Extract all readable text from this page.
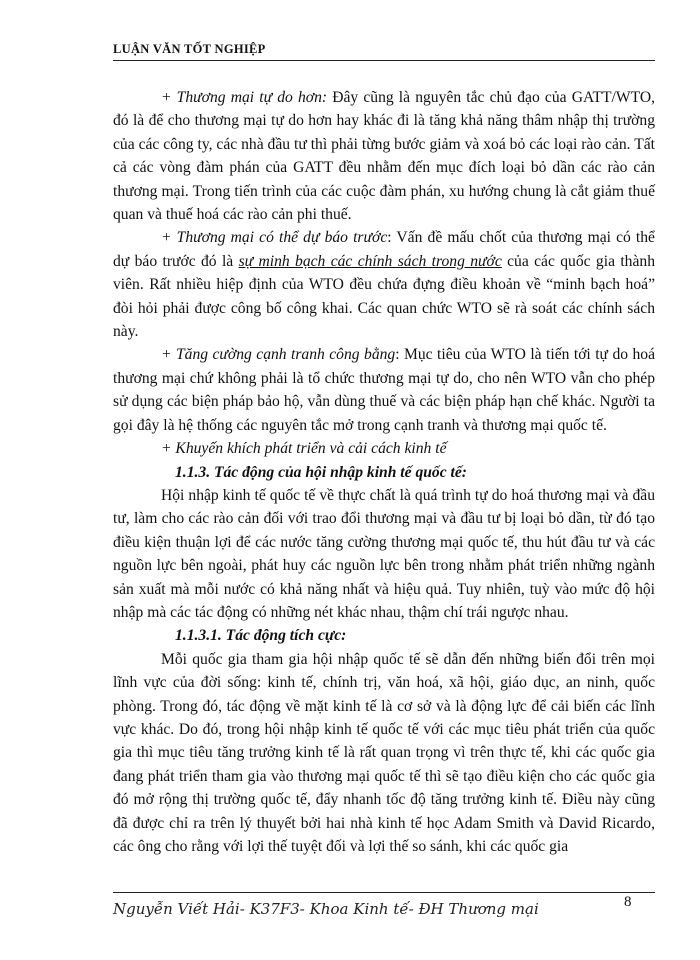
LUẬN VĂN TỐT NGHIỆP

+ Thương mại tự do hơn: Đây cũng là nguyên tắc chủ đạo của GATT/WTO, đó là để cho thương mại tự do hơn hay khác đi là tăng khả năng thâm nhập thị trường của các công ty, các nhà đầu tư thì phải từng bước giảm và xoá bỏ các loại rào cản. Tất cả các vòng đàm phán của GATT đều nhằm đến mục đích loại bỏ dần các rào cản thương mại. Trong tiến trình của các cuộc đàm phán, xu hướng chung là cắt giảm thuế quan và thuế hoá các rào cản phi thuế.

+ Thương mại có thể dự báo trước: Vấn đề mấu chốt của thương mại có thể dự báo trước đó là sự minh bạch các chính sách trong nước của các quốc gia thành viên. Rất nhiều hiệp định của WTO đều chứa đựng điều khoản về “minh bạch hoá” đòi hỏi phải được công bố công khai. Các quan chức WTO sẽ rà soát các chính sách này.

+ Tăng cường cạnh tranh công bằng: Mục tiêu của WTO là tiến tới tự do hoá thương mại chứ không phải là tổ chức thương mại tự do, cho nên WTO vẫn cho phép sử dụng các biện pháp bảo hộ, vẫn dùng thuế và các biện pháp hạn chế khác. Người ta gọi đây là hệ thống các nguyên tắc mở trong cạnh tranh và thương mại quốc tế.

+ Khuyến khích phát triển và cải cách kinh tế

1.1.3. Tác động của hội nhập kinh tế quốc tế:

Hội nhập kinh tế quốc tế về thực chất là quá trình tự do hoá thương mại và đầu tư, làm cho các rào cản đối với trao đổi thương mại và đầu tư bị loại bỏ dần, từ đó tạo điều kiện thuận lợi để các nước tăng cường thương mại quốc tế, thu hút đầu tư và các nguồn lực bên ngoài, phát huy các nguồn lực bên trong nhằm phát triển những ngành sản xuất mà mỗi nước có khả năng nhất và hiệu quả. Tuy nhiên, tuỳ vào mức độ hội nhập mà các tác động có những nét khác nhau, thậm chí trái ngược nhau.

1.1.3.1. Tác động tích cực:

Mỗi quốc gia tham gia hội nhập quốc tế sẽ dẫn đến những biến đổi trên mọi lĩnh vực của đời sống: kinh tế, chính trị, văn hoá, xã hội, giáo dục, an ninh, quốc phòng. Trong đó, tác động về mặt kinh tế là cơ sở và là động lực để cải biến các lĩnh vực khác. Do đó, trong hội nhập kinh tế quốc tế với các mục tiêu phát triển của quốc gia thì mục tiêu tăng trưởng kinh tế là rất quan trọng vì trên thực tế, khi các quốc gia đang phát triển tham gia vào thương mại quốc tế thì sẽ tạo điều kiện cho các quốc gia đó mở rộng thị trường quốc tế, đẩy nhanh tốc độ tăng trưởng kinh tế. Điều này cũng đã được chỉ ra trên lý thuyết bởi hai nhà kinh tế học Adam Smith và David Ricardo, các ông cho rằng với lợi thế tuyệt đối và lợi thế so sánh, khi các quốc gia

Nguyễn Viết Hải- K37F3- Khoa Kinh tế- ĐH Thương mại	8
